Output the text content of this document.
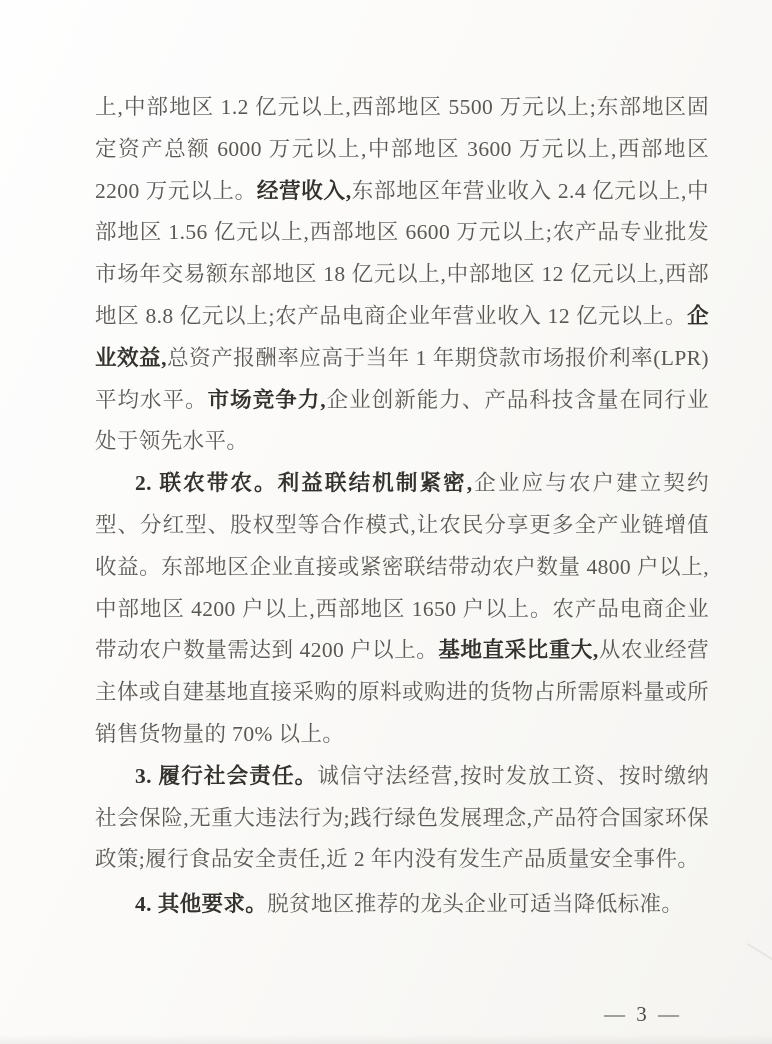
上,中部地区 1.2 亿元以上,西部地区 5500 万元以上;东部地区固定资产总额 6000 万元以上,中部地区 3600 万元以上,西部地区 2200 万元以上。经营收入,东部地区年营业收入 2.4 亿元以上,中部地区 1.56 亿元以上,西部地区 6600 万元以上;农产品专业批发市场年交易额东部地区 18 亿元以上,中部地区 12 亿元以上,西部地区 8.8 亿元以上;农产品电商企业年营业收入 12 亿元以上。企业效益,总资产报酬率应高于当年 1 年期贷款市场报价利率(LPR)平均水平。市场竞争力,企业创新能力、产品科技含量在同行业处于领先水平。

2. 联农带农。利益联结机制紧密,企业应与农户建立契约型、分红型、股权型等合作模式,让农民分享更多全产业链增值收益。东部地区企业直接或紧密联结带动农户数量 4800 户以上,中部地区 4200 户以上,西部地区 1650 户以上。农产品电商企业带动农户数量需达到 4200 户以上。基地直采比重大,从农业经营主体或自建基地直接采购的原料或购进的货物占所需原料量或所销售货物量的 70% 以上。

3. 履行社会责任。诚信守法经营,按时发放工资、按时缴纳社会保险,无重大违法行为;践行绿色发展理念,产品符合国家环保政策;履行食品安全责任,近 2 年内没有发生产品质量安全事件。

4. 其他要求。脱贫地区推荐的龙头企业可适当降低标准。

— 3 —
